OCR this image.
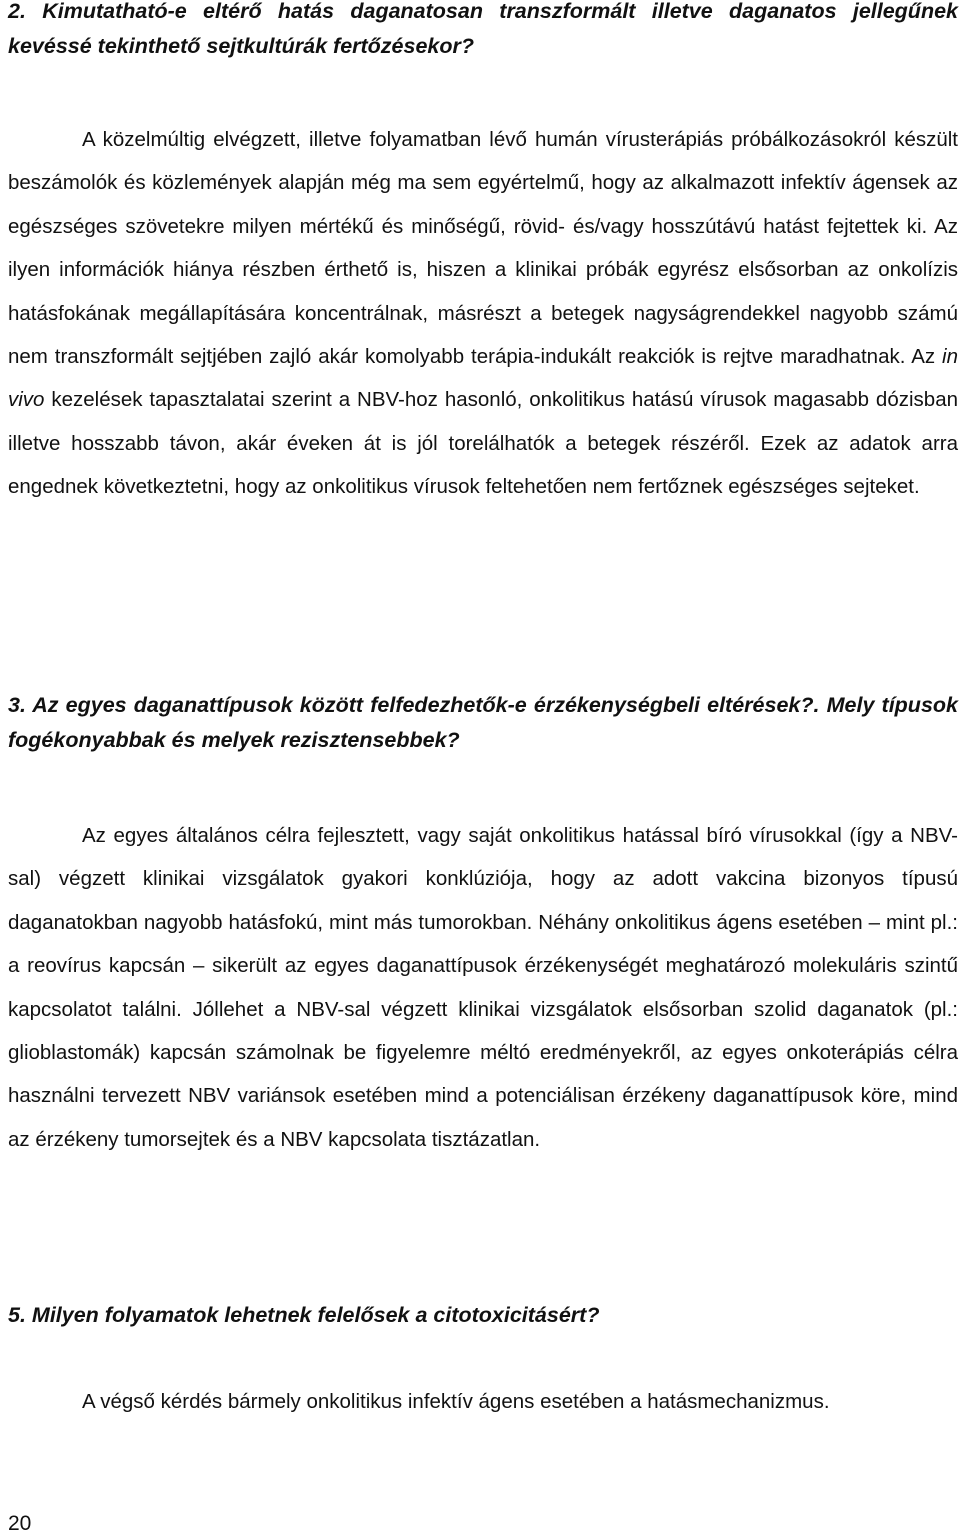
2. Kimutatható-e eltérő hatás daganatosan transzformált illetve daganatos jellegűnek kevéssé tekinthető sejtkultúrák fertőzésekor?

A közelmúltig elvégzett, illetve folyamatban lévő humán vírusterápiás próbálkozásokról készült beszámolók és közlemények alapján még ma sem egyértelmű, hogy az alkalmazott infektív ágensek az egészséges szövetekre milyen mértékű és minőségű, rövid- és/vagy hosszútávú hatást fejtettek ki. Az ilyen információk hiánya részben érthető is, hiszen a klinikai próbák egyrész elsősorban az onkolízis hatásfokának megállapítására koncentrálnak, másrészt a betegek nagyságrendekkel nagyobb számú nem transzformált sejtjében zajló akár komolyabb terápia-indukált reakciók is rejtve maradhatnak. Az in vivo kezelések tapasztalatai szerint a NBV-hoz hasonló, onkolitikus hatású vírusok magasabb dózisban illetve hosszabb távon, akár éveken át is jól torelálhatók a betegek részéről. Ezek az adatok arra engednek következtetni, hogy az onkolitikus vírusok feltehetően nem fertőznek egészséges sejteket.

3. Az egyes daganattípusok között felfedezhetők-e érzékenységbeli eltérések?. Mely típusok fogékonyabbak és melyek rezisztensebbek?

Az egyes általános célra fejlesztett, vagy saját onkolitikus hatással bíró vírusokkal (így a NBV-sal) végzett klinikai vizsgálatok gyakori konklúziója, hogy az adott vakcina bizonyos típusú daganatokban nagyobb hatásfokú, mint más tumorokban. Néhány onkolitikus ágens esetében – mint pl.: a reovírus kapcsán – sikerült az egyes daganattípusok érzékenységét meghatározó molekuláris szintű kapcsolatot találni. Jóllehet a NBV-sal végzett klinikai vizsgálatok elsősorban szolid daganatok (pl.: glioblastomák) kapcsán számolnak be figyelemre méltó eredményekről, az egyes onkoterápiás célra használni tervezett NBV variánsok esetében mind a potenciálisan érzékeny daganattípusok köre, mind az érzékeny tumorsejtek és a NBV kapcsolata tisztázatlan.

5. Milyen folyamatok lehetnek felelősek a citotoxicitásért?

A végső kérdés bármely onkolitikus infektív ágens esetében a hatásmechanizmus.

20
